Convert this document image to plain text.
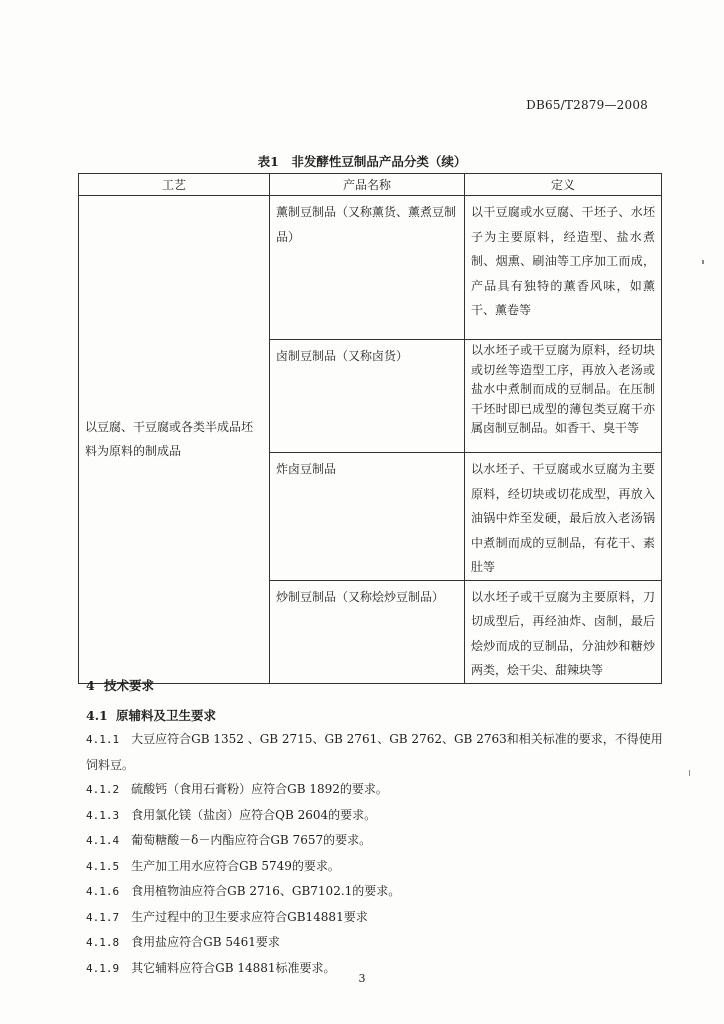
DB65/T2879—2008
表1　非发酵性豆制品产品分类（续）
工艺	产品名称	定义
以豆腐、干豆腐或各类半成品坯料为原料的制成品	薰制豆制品（又称薰货、薰煮豆制品）	以干豆腐或水豆腐、干坯子、水坯子为主要原料，经造型、盐水煮制、烟熏、刷油等工序加工而成，产品具有独特的薰香风味，如薰干、薰卷等
	卤制豆制品（又称卤货）	以水坯子或干豆腐为原料，经切块或切丝等造型工序，再放入老汤或盐水中煮制而成的豆制品。在压制干坯时即已成型的薄包类豆腐干亦属卤制豆制品。如香干、臭干等
	炸卤豆制品	以水坯子、干豆腐或水豆腐为主要原料，经切块或切花成型，再放入油锅中炸至发硬，最后放入老汤锅中煮制而成的豆制品，有花干、素肚等
	炒制豆制品（又称烩炒豆制品）	以水坯子或干豆腐为主要原料，刀切成型后，再经油炸、卤制，最后烩炒而成的豆制品，分油炒和糖炒两类，烩干尖、甜辣块等
4 技术要求
4.1 原辅料及卫生要求
4.1.1 大豆应符合GB 1352 、GB 2715、GB 2761、GB 2762、GB 2763和相关标准的要求，不得使用饲料豆。
4.1.2 硫酸钙（食用石膏粉）应符合GB 1892的要求。
4.1.3 食用氯化镁（盐卤）应符合QB 2604的要求。
4.1.4 葡萄糖酸－δ－内酯应符合GB 7657的要求。
4.1.5 生产加工用水应符合GB 5749的要求。
4.1.6 食用植物油应符合GB 2716、GB7102.1的要求。
4.1.7 生产过程中的卫生要求应符合GB14881要求
4.1.8 食用盐应符合GB 5461要求
4.1.9 其它辅料应符合GB 14881标准要求。
3
